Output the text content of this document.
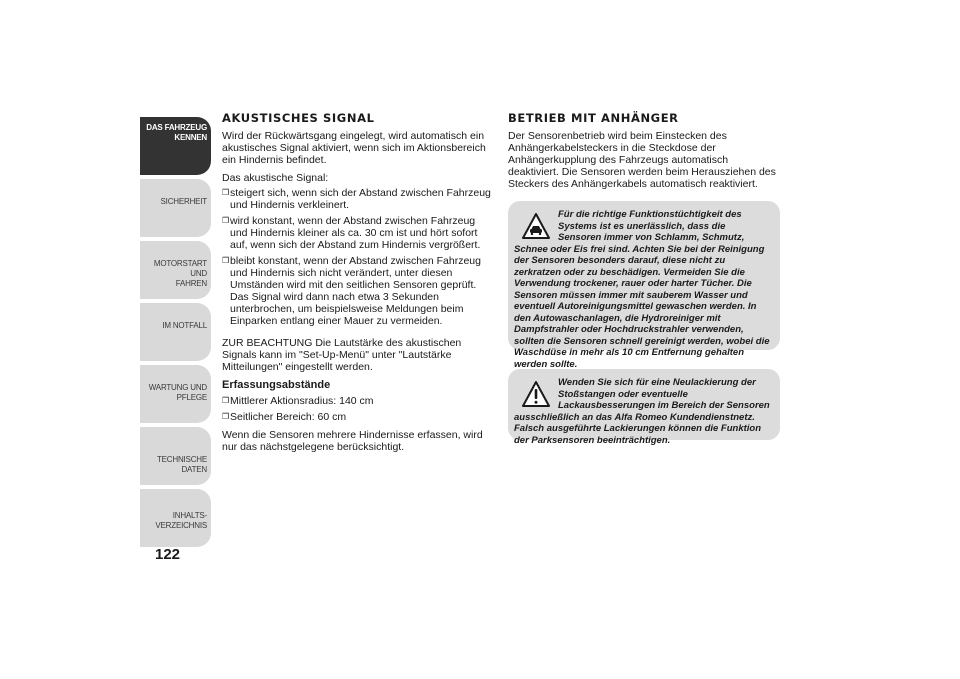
DAS FAHRZEUG
KENNEN
SICHERHEIT
MOTORSTART UND
FAHREN
IM NOTFALL
WARTUNG UND
PFLEGE
TECHNISCHE DATEN
INHALTS-
VERZEICHNIS
122
AKUSTISCHES SIGNAL

Wird der Rückwärtsgang eingelegt, wird automatisch ein akustisches Signal aktiviert, wenn sich im Aktionsbereich ein Hindernis befindet.

Das akustische Signal:

❒ steigert sich, wenn sich der Abstand zwischen Fahrzeug und Hindernis verkleinert.
❒ wird konstant, wenn der Abstand zwischen Fahrzeug und Hindernis kleiner als ca. 30 cm ist und hört sofort auf, wenn sich der Abstand zum Hindernis vergrößert.
❒ bleibt konstant, wenn der Abstand zwischen Fahrzeug und Hindernis sich nicht verändert, unter diesen Umständen wird mit den seitlichen Sensoren geprüft. Das Signal wird dann nach etwa 3 Sekunden unterbrochen, um beispielsweise Meldungen beim Einparken entlang einer Mauer zu vermeiden.

ZUR BEACHTUNG Die Lautstärke des akustischen Signals kann im "Set-Up-Menü" unter "Lautstärke Mitteilungen" eingestellt werden.

Erfassungsabstände
❒ Mittlerer Aktionsradius: 140 cm
❒ Seitlicher Bereich: 60 cm

Wenn die Sensoren mehrere Hindernisse erfassen, wird nur das nächstgelegene berücksichtigt.

BETRIEB MIT ANHÄNGER

Der Sensorenbetrieb wird beim Einstecken des Anhängerkabelsteckers in die Steckdose der Anhängerkupplung des Fahrzeugs automatisch deaktiviert. Die Sensoren werden beim Herausziehen des Steckers des Anhängerkabels automatisch reaktiviert.

Für die richtige Funktionstüchtigkeit des Systems ist es unerlässlich, dass die Sensoren immer von Schlamm, Schmutz, Schnee oder Eis frei sind. Achten Sie bei der Reinigung der Sensoren besonders darauf, diese nicht zu zerkratzen oder zu beschädigen. Vermeiden Sie die Verwendung trockener, rauer oder harter Tücher. Die Sensoren müssen immer mit sauberem Wasser und eventuell Autoreinigungsmittel gewaschen werden. In den Autowaschanlagen, die Hydroreiniger mit Dampfstrahler oder Hochdruckstrahler verwenden, sollten die Sensoren schnell gereinigt werden, wobei die Waschdüse in mehr als 10 cm Entfernung gehalten werden sollte.
Wenden Sie sich für eine Neulackierung der Stoßstangen oder eventuelle Lackausbesserungen im Bereich der Sensoren ausschließlich an das Alfa Romeo Kundendienstnetz. Falsch ausgeführte Lackierungen können die Funktion der Parksensoren beeinträchtigen.
